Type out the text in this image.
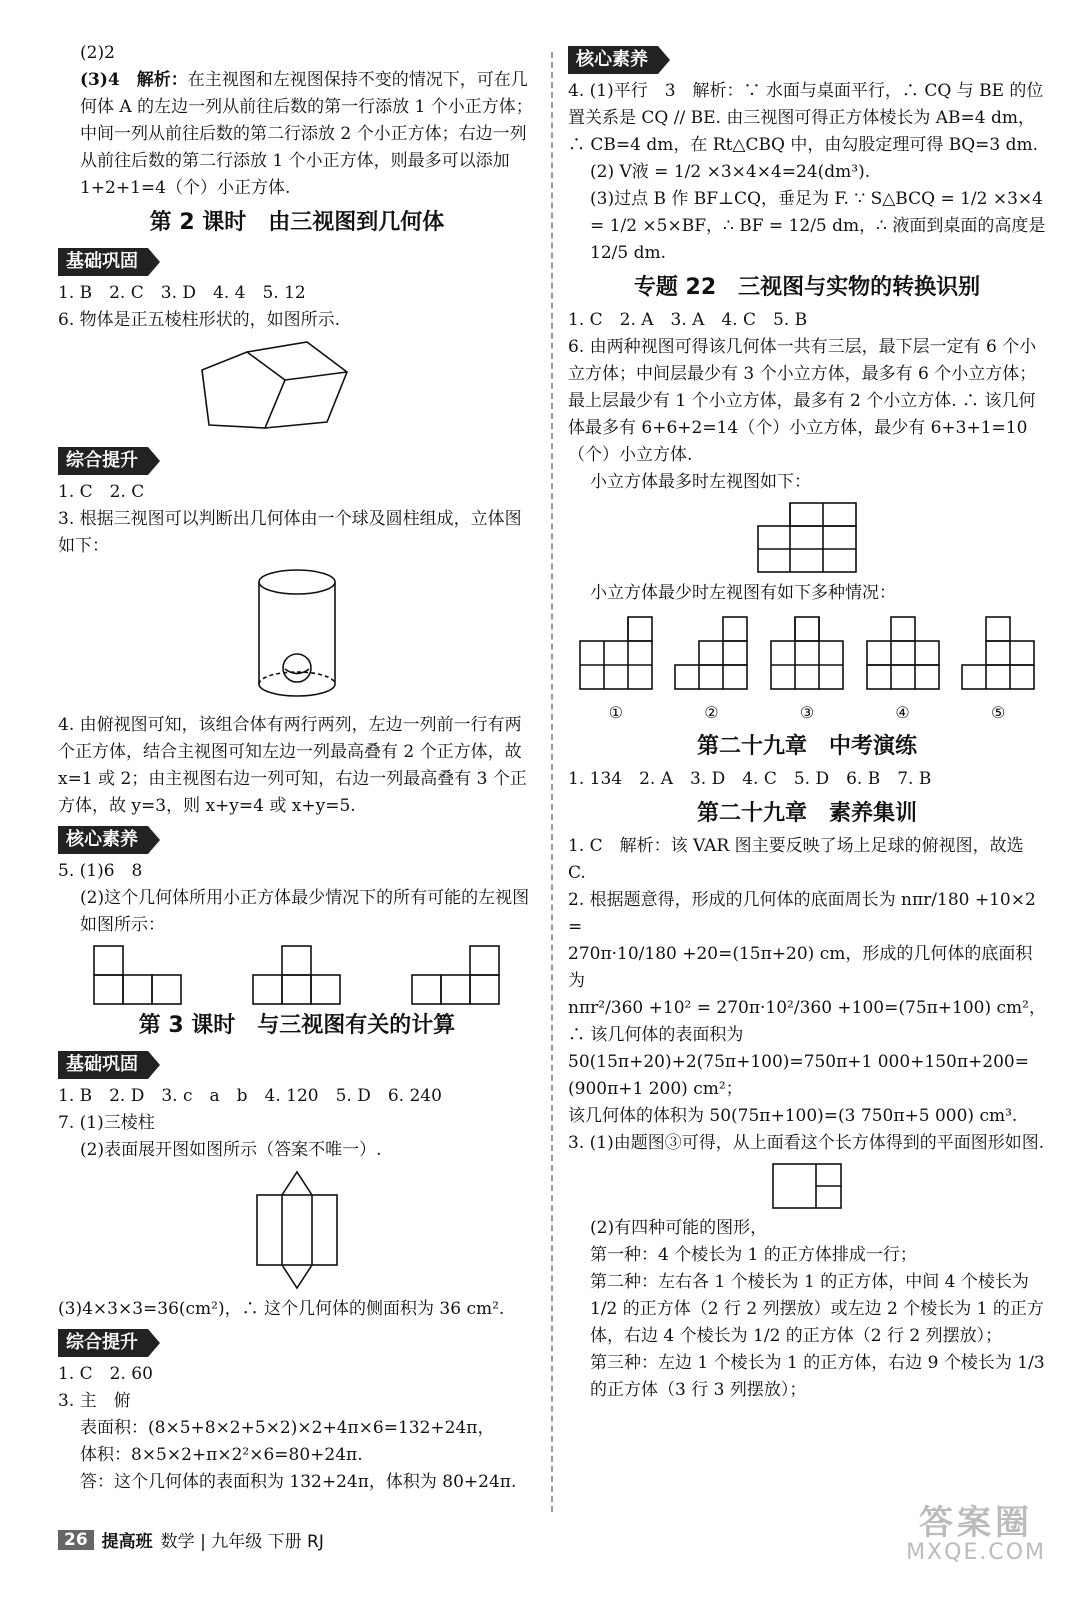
(2)2

(3)4　解析：在主视图和左视图保持不变的情况下，可在几何体 A 的左边一列从前往后数的第一行添放 1 个小正方体；中间一列从前往后数的第二行添放 2 个小正方体；右边一列从前往后数的第二行添放 1 个小正方体，则最多可以添加 1+2+1=4（个）小正方体.

第 2 课时　由三视图到几何体
基础巩固

1. B　2. C　3. D　4. 4　5. 12

6. 物体是正五棱柱形状的，如图所示.

综合提升

1. C　2. C

3. 根据三视图可以判断出几何体由一个球及圆柱组成，立体图如下：

4. 由俯视图可知，该组合体有两行两列，左边一列前一行有两个正方体，结合主视图可知左边一列最高叠有 2 个正方体，故 x=1 或 2；由主视图右边一列可知，右边一列最高叠有 3 个正方体，故 y=3，则 x+y=4 或 x+y=5.

核心素养

5. (1)6　8

(2)这个几何体所用小正方体最少情况下的所有可能的左视图如图所示：

第 3 课时　与三视图有关的计算
基础巩固

1. B　2. D　3. c　a　b　4. 120　5. D　6. 240

7. (1)三棱柱

(2)表面展开图如图所示（答案不唯一）.

(3)4×3×3=36(cm²)，∴ 这个几何体的侧面积为 36 cm².

综合提升

1. C　2. 60

3. 主　俯

表面积：(8×5+8×2+5×2)×2+4π×6=132+24π，

体积：8×5×2+π×2²×6=80+24π.

答：这个几何体的表面积为 132+24π，体积为 80+24π.

核心素养

4. (1)平行　3　解析：∵ 水面与桌面平行，∴ CQ 与 BE 的位置关系是 CQ // BE. 由三视图可得正方体棱长为 AB=4 dm，∴ CB=4 dm，在 Rt△CBQ 中，由勾股定理可得 BQ=3 dm.

(2) V液 = 1/2 ×3×4×4=24(dm³).

(3)过点 B 作 BF⊥CQ，垂足为 F. ∵ S△BCQ = 1/2 ×3×4 = 1/2 ×5×BF，∴ BF = 12/5 dm，∴ 液面到桌面的高度是 12/5 dm.

专题 22　三视图与实物的转换识别

1. C　2. A　3. A　4. C　5. B

6. 由两种视图可得该几何体一共有三层，最下层一定有 6 个小立方体；中间层最少有 3 个小立方体，最多有 6 个小立方体；最上层最少有 1 个小立方体，最多有 2 个小立方体. ∴ 该几何体最多有 6+6+2=14（个）小立方体，最少有 6+3+1=10（个）小立方体.

小立方体最多时左视图如下：

小立方体最少时左视图有如下多种情况：

①	②	③	④	⑤
第二十九章　中考演练

1. 134　2. A　3. D　4. C　5. D　6. B　7. B

第二十九章　素养集训

1. C　解析：该 VAR 图主要反映了场上足球的俯视图，故选 C.

2. 根据题意得，形成的几何体的底面周长为 nπr/180 +10×2 =

270π·10/180 +20=(15π+20) cm，形成的几何体的底面积为

nπr²/360 +10² = 270π·10²/360 +100=(75π+100) cm²，

∴ 该几何体的表面积为 50(15π+20)+2(75π+100)=750π+1 000+150π+200=(900π+1 200) cm²；

该几何体的体积为 50(75π+100)=(3 750π+5 000) cm³.

3. (1)由题图③可得，从上面看这个长方体得到的平面图形如图.

(2)有四种可能的图形，

第一种：4 个棱长为 1 的正方体排成一行；

第二种：左右各 1 个棱长为 1 的正方体，中间 4 个棱长为 1/2 的正方体（2 行 2 列摆放）或左边 2 个棱长为 1 的正方体，右边 4 个棱长为 1/2 的正方体（2 行 2 列摆放）；

第三种：左边 1 个棱长为 1 的正方体，右边 9 个棱长为 1/3 的正方体（3 行 3 列摆放）；

26 提高班 数学 | 九年级 下册 RJ	答案圈
MXQE.COM
